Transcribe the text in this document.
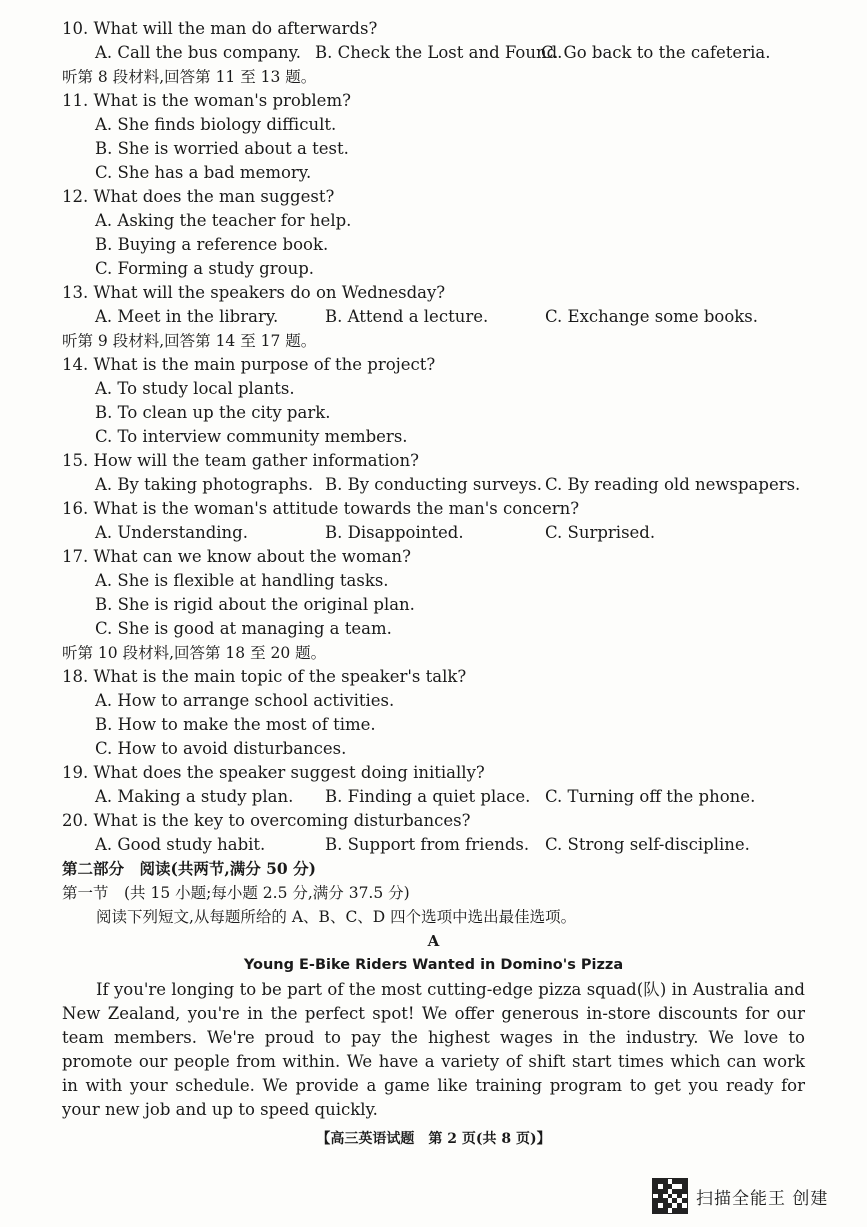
10. What will the man do afterwards?
A. Call the bus company. B. Check the Lost and Found.
C. Go back to the cafeteria.
听第 8 段材料,回答第 11 至 13 题。
11. What is the woman's problem?
A. She finds biology difficult.
B. She is worried about a test.
C. She has a bad memory.
12. What does the man suggest?
A. Asking the teacher for help.
B. Buying a reference book.
C. Forming a study group.
13. What will the speakers do on Wednesday?
A. Meet in the library.	B. Attend a lecture.	C. Exchange some books.
听第 9 段材料,回答第 14 至 17 题。
14. What is the main purpose of the project?
A. To study local plants.
B. To clean up the city park.
C. To interview community members.
15. How will the team gather information?
A. By taking photographs. B. By conducting surveys. C. By reading old newspapers.
16. What is the woman's attitude towards the man's concern?
A. Understanding.	B. Disappointed.	C. Surprised.
17. What can we know about the woman?
A. She is flexible at handling tasks.
B. She is rigid about the original plan.
C. She is good at managing a team.
听第 10 段材料,回答第 18 至 20 题。
18. What is the main topic of the speaker's talk?
A. How to arrange school activities.
B. How to make the most of time.
C. How to avoid disturbances.
19. What does the speaker suggest doing initially?
A. Making a study plan. B. Finding a quiet place. C. Turning off the phone.
20. What is the key to overcoming disturbances?
A. Good study habit.	B. Support from friends. C. Strong self-discipline.
第二部分　阅读(共两节,满分 50 分)
第一节　(共 15 小题;每小题 2.5 分,满分 37.5 分)
阅读下列短文,从每题所给的 A、B、C、D 四个选项中选出最佳选项。
A
Young E-Bike Riders Wanted in Domino's Pizza
If you're longing to be part of the most cutting-edge pizza squad(队) in Australia and New Zealand, you're in the perfect spot! We offer generous in-store discounts for our team members. We're proud to pay the highest wages in the industry. We love to promote our people from within. We have a variety of shift start times which can work in with your schedule. We provide a game like training program to get you ready for your new job and up to speed quickly.
【高三英语试题　第 2 页(共 8 页)】
扫描全能王 创建
